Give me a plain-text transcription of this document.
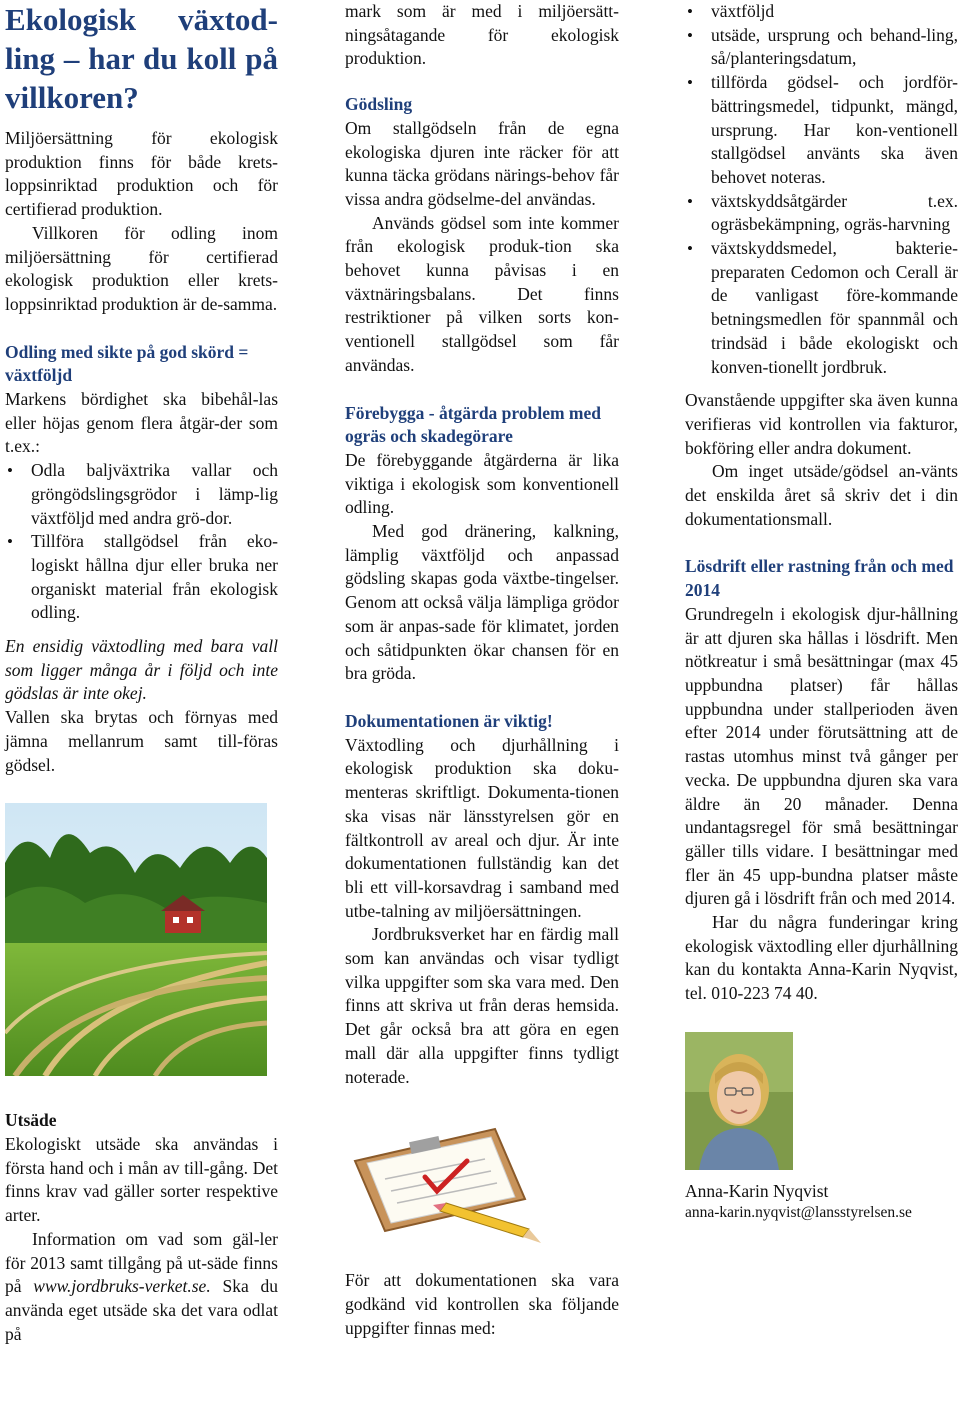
Ekologisk växtod-ling – har du koll på villkoren?

Miljöersättning för ekologisk produktion finns för både krets-loppsinriktad produktion och för certifierad produktion.

Villkoren för odling inom miljöersättning för certifierad ekologisk produktion eller krets-loppsinriktad produktion är de-samma.

Odling med sikte på god skörd = växtföljd

Markens bördighet ska bibehål-las eller höjas genom flera åtgär-der som t.ex.:

• Odla baljväxtrika vallar och gröngödslingsgrödor i lämp-lig växtföljd med andra grö-dor.
• Tillföra stallgödsel från eko-logiskt hållna djur eller bruka ner organiskt material från ekologisk odling.

En ensidig växtodling med bara vall som ligger många år i följd och inte gödslas är inte okej.

Vallen ska brytas och förnyas med jämna mellanrum samt till-föras gödsel.

Utsäde

Ekologiskt utsäde ska användas i första hand och i mån av till-gång. Det finns krav vad gäller sorter respektive arter.

Information om vad som gäl-ler för 2013 samt tillgång på ut-säde finns på www.jordbruks-verket.se. Ska du använda eget utsäde ska det vara odlat på

mark som är med i miljöersätt-ningsåtagande för ekologisk produktion.

Gödsling

Om stallgödseln från de egna ekologiska djuren inte räcker för att kunna täcka grödans närings-behov får vissa andra gödselme-del användas.

Används gödsel som inte kommer från ekologisk produk-tion ska behovet kunna påvisas i en växtnäringsbalans. Det finns restriktioner på vilken sorts kon-ventionell stallgödsel som får användas.

Förebygga - åtgärda problem med ogräs och skadegörare

De förebyggande åtgärderna är lika viktiga i ekologisk som konventionell odling.

Med god dränering, kalkning, lämplig växtföljd och anpassad gödsling skapas goda växtbe-tingelser. Genom att också välja lämpliga grödor som är anpas-sade för klimatet, jorden och såtidpunkten ökar chansen för en bra gröda.

Dokumentationen är viktig!

Växtodling och djurhållning i ekologisk produktion ska doku-menteras skriftligt. Dokumenta-tionen ska visas när länsstyrelsen gör en fältkontroll av areal och djur. Är inte dokumentationen fullständig kan det bli ett vill-korsavdrag i samband med utbe-talning av miljöersättningen.

Jordbruksverket har en färdig mall som kan användas och visar tydligt vilka uppgifter som ska vara med. Den finns att skriva ut från deras hemsida. Det går också bra att göra en egen mall där alla uppgifter finns tydligt noterade.

För att dokumentationen ska vara godkänd vid kontrollen ska följande uppgifter finnas med:

• växtföljd
• utsäde, ursprung och behand-ling, så/planteringsdatum,
• tillförda gödsel- och jordför-bättringsmedel, tidpunkt, mängd, ursprung. Har kon-ventionell stallgödsel använts ska även behovet noteras.
• växtskyddsåtgärder t.ex. ogräsbekämpning, ogräs-harvning
• växtskyddsmedel, bakterie-preparaten Cedomon och Cerall är de vanligast före-kommande betningsmedlen för spannmål och trindsäd i både ekologiskt och konven-tionellt jordbruk.

Ovanstående uppgifter ska även kunna verifieras vid kontrollen via fakturor, bokföring eller andra dokument.

Om inget utsäde/gödsel an-vänts det enskilda året så skriv det i din dokumentationsmall.

Lösdrift eller rastning från och med 2014

Grundregeln i ekologisk djur-hållning är att djuren ska hållas i lösdrift. Men nötkreatur i små besättningar (max 45 uppbundna platser) får hållas uppbundna under stallperioden även efter 2014 under förutsättning att de rastas utomhus minst två gånger per vecka. De uppbundna djuren ska vara äldre än 20 månader. Denna undantagsregel för små besättningar gäller tills vidare. I besättningar med fler än 45 upp-bundna platser måste djuren gå i lösdrift från och med 2014.

Har du några funderingar kring ekologisk växtodling eller djurhållning kan du kontakta Anna-Karin Nyqvist, tel. 010-223 74 40.

Anna-Karin Nyqvist
anna-karin.nyqvist@lansstyrelsen.se
